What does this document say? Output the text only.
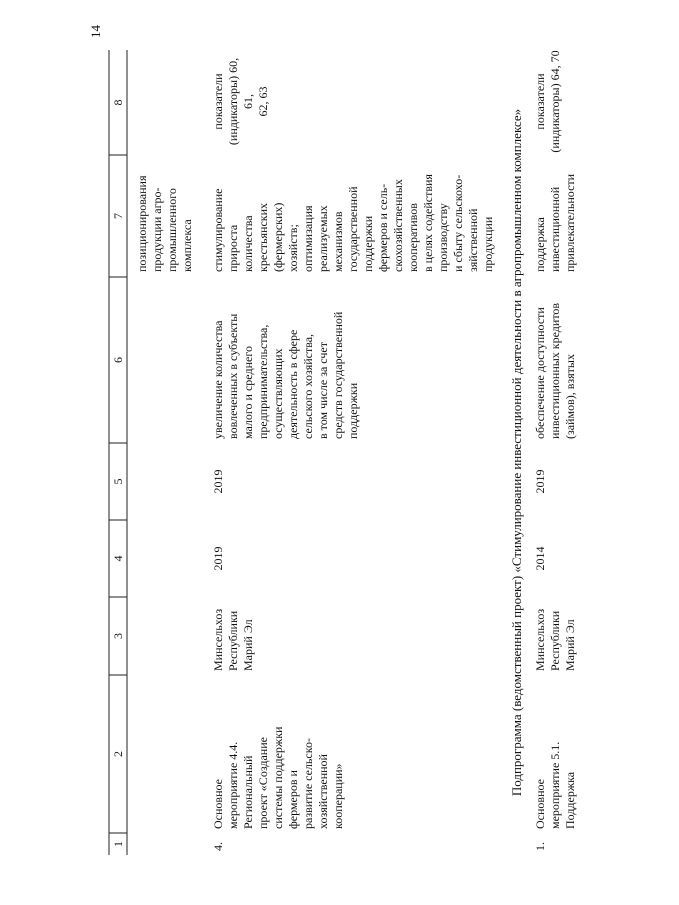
14
1
2
3
4
5
6
7
8
позиционирования продукции агро- промышленного комплекса
4.
Основное мероприятие 4.4. Региональный проект «Создание системы поддержки фермеров и развитие сельско- хозяйственной кооперации»
Минсельхоз Республики Марий Эл
2019
2019
увеличение количества вовлеченных в субъекты малого и среднего предпринимательства, осуществляющих деятельность в сфере сельского хозяйства, в том числе за счет средств государственной поддержки
стимулирование прироста количества крестьянских (фермерских) хозяйств; оптимизация реализуемых механизмов государственной поддержки фермеров и сель- скохозяйственных кооперативов в целях содействия производству и сбыту сельскохо- зяйственной продукции
показатели (индикаторы) 60, 61, 62, 63
Подпрограмма (ведомственный проект) «Стимулирование инвестиционной деятельности в агропромышленном комплексе»
1.
Основное мероприятие 5.1. Поддержка
Минсельхоз Республики Марий Эл
2014
2019
обеспечение доступности инвестиционных кредитов (займов), взятых
поддержка инвестиционной привлекательности
показатели (индикаторы) 64, 70
